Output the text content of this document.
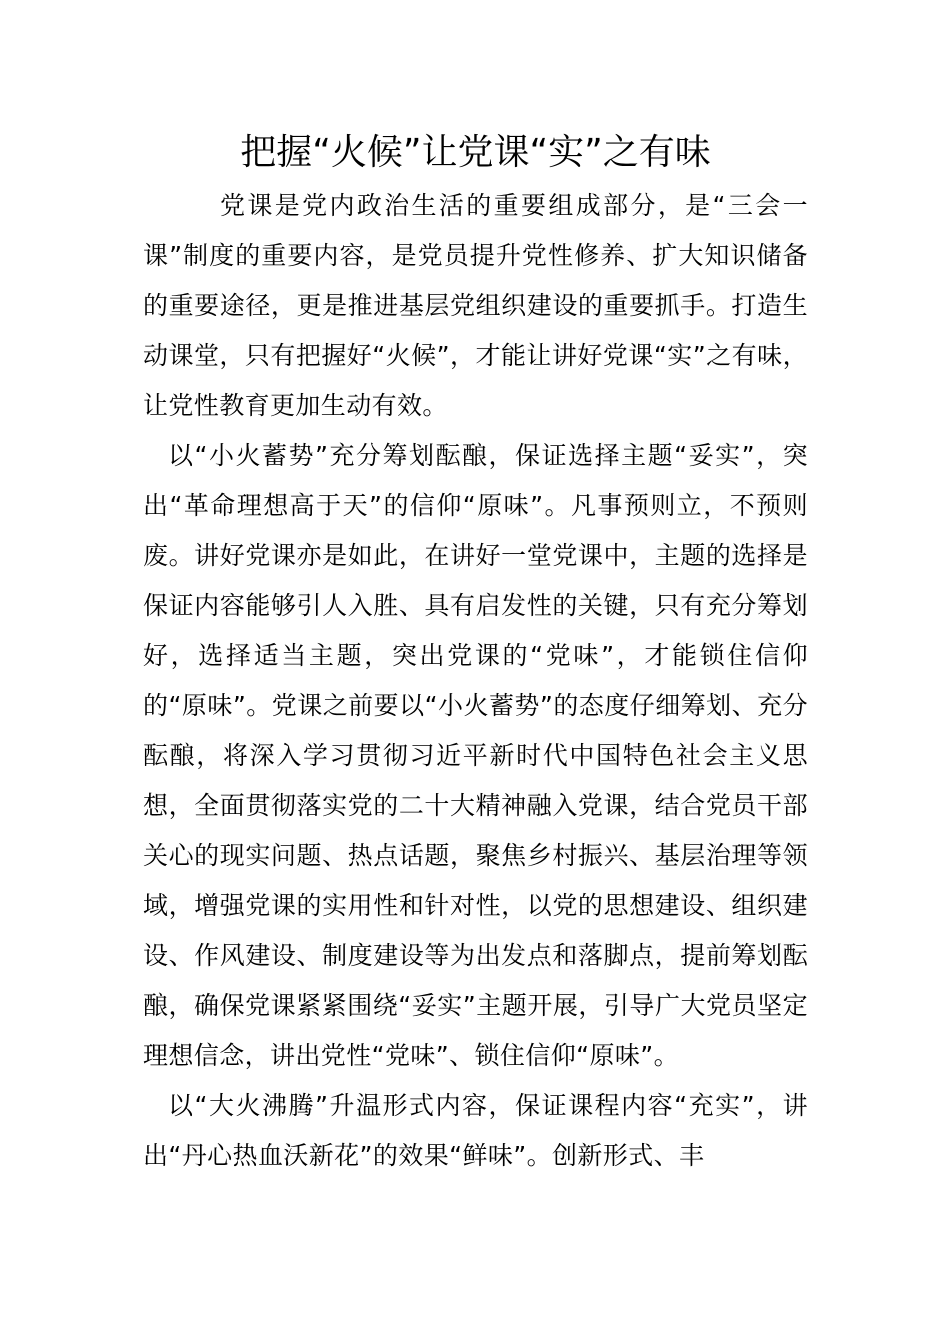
把握“火候”让党课“实”之有味

党课是党内政治生活的重要组成部分，是“三会一课”制度的重要内容，是党员提升党性修养、扩大知识储备的重要途径，更是推进基层党组织建设的重要抓手。打造生动课堂，只有把握好“火候”，才能让讲好党课“实”之有味，让党性教育更加生动有效。

以“小火蓄势”充分筹划酝酿，保证选择主题“妥实”，突出“革命理想高于天”的信仰“原味”。凡事预则立，不预则废。讲好党课亦是如此，在讲好一堂党课中，主题的选择是保证内容能够引人入胜、具有启发性的关键，只有充分筹划好，选择适当主题，突出党课的“党味”，才能锁住信仰的“原味”。党课之前要以“小火蓄势”的态度仔细筹划、充分酝酿，将深入学习贯彻习近平新时代中国特色社会主义思想，全面贯彻落实党的二十大精神融入党课，结合党员干部关心的现实问题、热点话题，聚焦乡村振兴、基层治理等领域，增强党课的实用性和针对性，以党的思想建设、组织建设、作风建设、制度建设等为出发点和落脚点，提前筹划酝酿，确保党课紧紧围绕“妥实”主题开展，引导广大党员坚定理想信念，讲出党性“党味”、锁住信仰“原味”。

以“大火沸腾”升温形式内容，保证课程内容“充实”，讲出“丹心热血沃新花”的效果“鲜味”。创新形式、丰
